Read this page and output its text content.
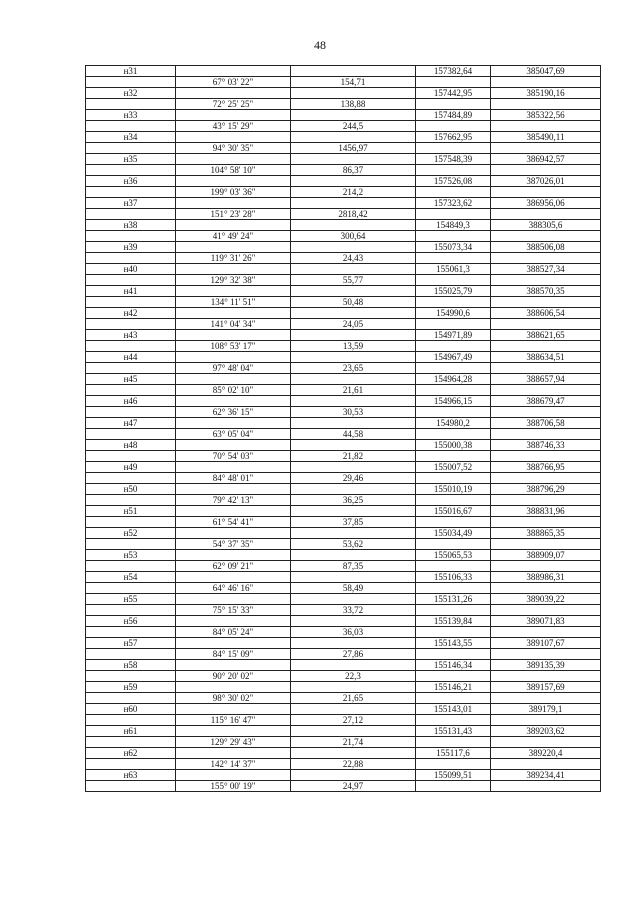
48
н31			157382,64	385047,69
	67° 03' 22"	154,71		
н32			157442,95	385190,16
	72° 25' 25"	138,88		
н33			157484,89	385322,56
	43° 15' 29"	244,5		
н34			157662,95	385490,11
	94° 30' 35"	1456,97		
н35			157548,39	386942,57
	104° 58' 10"	86,37		
н36			157526,08	387026,01
	199° 03' 36"	214,2		
н37			157323,62	386956,06
	151° 23' 28"	2818,42		
н38			154849,3	388305,6
	41° 49' 24"	300,64		
н39			155073,34	388506,08
	119° 31' 26"	24,43		
н40			155061,3	388527,34
	129° 32' 38"	55,77		
н41			155025,79	388570,35
	134° 11' 51"	50,48		
н42			154990,6	388606,54
	141° 04' 34"	24,05		
н43			154971,89	388621,65
	108° 53' 17"	13,59		
н44			154967,49	388634,51
	97° 48' 04"	23,65		
н45			154964,28	388657,94
	85° 02' 10"	21,61		
н46			154966,15	388679,47
	62° 36' 15"	30,53		
н47			154980,2	388706,58
	63° 05' 04"	44,58		
н48			155000,38	388746,33
	70° 54' 03"	21,82		
н49			155007,52	388766,95
	84° 48' 01"	29,46		
н50			155010,19	388796,29
	79° 42' 13"	36,25		
н51			155016,67	388831,96
	61° 54' 41"	37,85		
н52			155034,49	388865,35
	54° 37' 35"	53,62		
н53			155065,53	388909,07
	62° 09' 21"	87,35		
н54			155106,33	388986,31
	64° 46' 16"	58,49		
н55			155131,26	389039,22
	75° 15' 33"	33,72		
н56			155139,84	389071,83
	84° 05' 24"	36,03		
н57			155143,55	389107,67
	84° 15' 09"	27,86		
н58			155146,34	389135,39
	90° 20' 02"	22,3		
н59			155146,21	389157,69
	98° 30' 02"	21,65		
н60			155143,01	389179,1
	115° 16' 47"	27,12		
н61			155131,43	389203,62
	129° 29' 43"	21,74		
н62			155117,6	389220,4
	142° 14' 37"	22,88		
н63			155099,51	389234,41
	155° 00' 19"	24,97		
